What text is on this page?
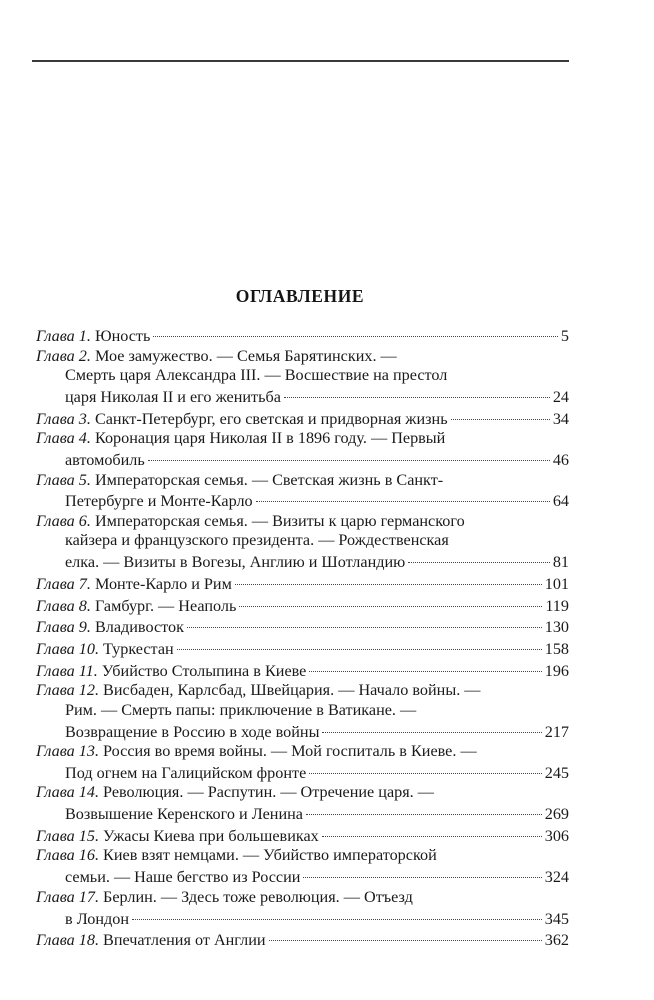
ОГЛАВЛЕНИЕ
Глава 1.
Юность	5
Глава 2.
Мое замужество. — Семья Барятинских. —
Смерть царя Александра III. — Восшествие на престол
царя Николая II и его женитьба	24
Глава 3.
Санкт-Петербург, его светская и придворная жизнь	34
Глава 4.
Коронация царя Николая II в 1896 году. — Первый
автомобиль	46
Глава 5.
Императорская семья. — Светская жизнь в Санкт-
Петербурге и Монте-Карло	64
Глава 6.
Императорская семья. — Визиты к царю германского
кайзера и французского президента. — Рождественская
елка. — Визиты в Вогезы, Англию и Шотландию	81
Глава 7.
Монте-Карло и Рим	101
Глава 8.
Гамбург. — Неаполь	119
Глава 9.
Владивосток	130
Глава 10.
Туркестан	158
Глава 11.
Убийство Столыпина в Киеве	196
Глава 12.
Висбаден, Карлсбад, Швейцария. — Начало войны. —
Рим. — Смерть папы: приключение в Ватикане. —
Возвращение в Россию в ходе войны	217
Глава 13.
Россия во время войны. — Мой госпиталь в Киеве. —
Под огнем на Галицийском фронте	245
Глава 14.
Революция. — Распутин. — Отречение царя. —
Возвышение Керенского и Ленина	269
Глава 15.
Ужасы Киева при большевиках	306
Глава 16.
Киев взят немцами. — Убийство императорской
семьи. — Наше бегство из России	324
Глава 17.
Берлин. — Здесь тоже революция. — Отъезд
в Лондон	345
Глава 18.
Впечатления от Англии	362
